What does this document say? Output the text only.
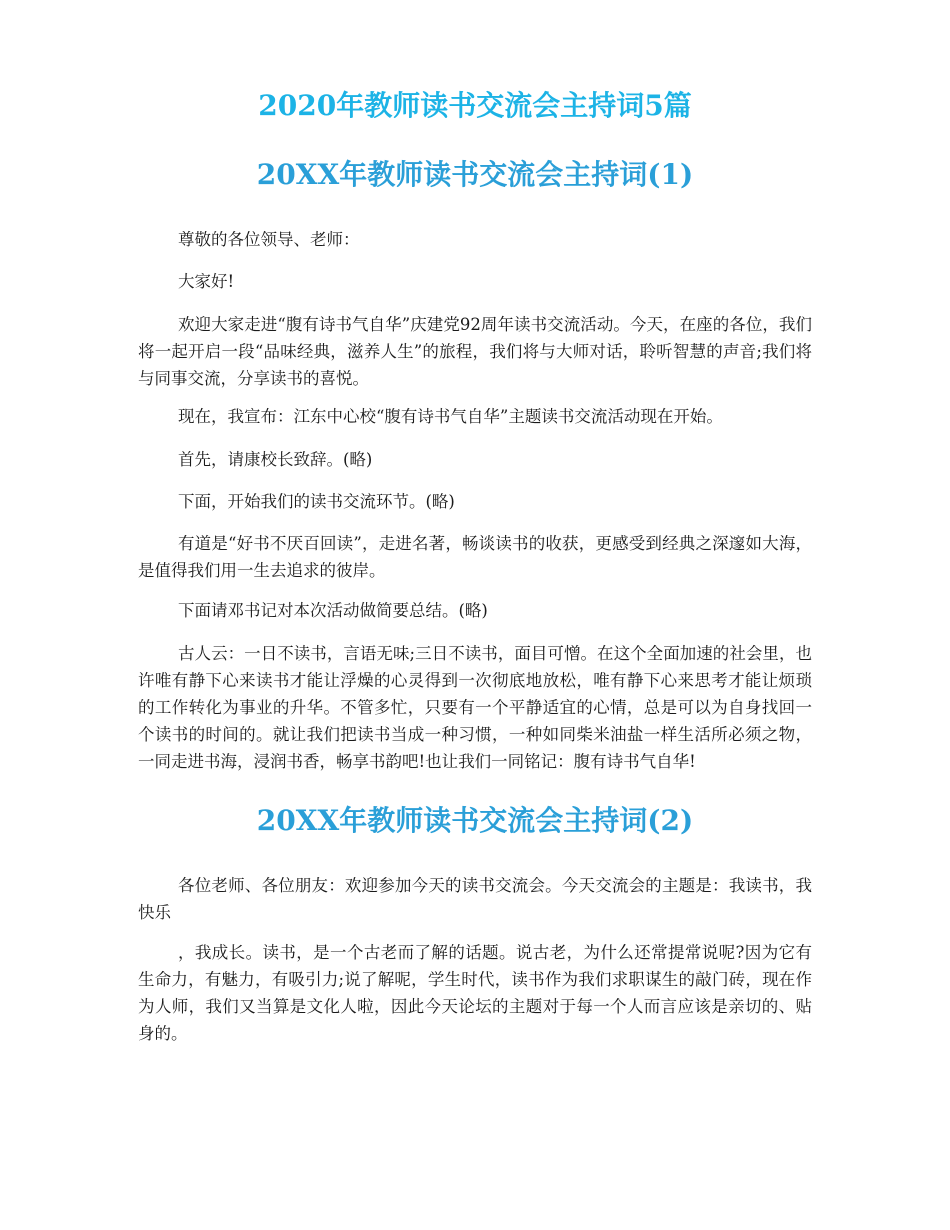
2020年教师读书交流会主持词5篇
20XX年教师读书交流会主持词(1)

尊敬的各位领导、老师：

大家好!

欢迎大家走进“腹有诗书气自华”庆建党92周年读书交流活动。今天，在座的各位，我们将一起开启一段“品味经典，滋养人生”的旅程，我们将与大师对话，聆听智慧的声音;我们将与同事交流，分享读书的喜悦。

现在，我宣布：江东中心校“腹有诗书气自华”主题读书交流活动现在开始。

首先，请康校长致辞。(略)

下面，开始我们的读书交流环节。(略)

有道是“好书不厌百回读”，走进名著，畅谈读书的收获，更感受到经典之深邃如大海，是值得我们用一生去追求的彼岸。

下面请邓书记对本次活动做简要总结。(略)

古人云：一日不读书，言语无味;三日不读书，面目可憎。在这个全面加速的社会里，也许唯有静下心来读书才能让浮燥的心灵得到一次彻底地放松，唯有静下心来思考才能让烦琐的工作转化为事业的升华。不管多忙，只要有一个平静适宜的心情，总是可以为自身找回一个读书的时间的。就让我们把读书当成一种习惯，一种如同柴米油盐一样生活所必须之物，一同走进书海，浸润书香，畅享书韵吧!也让我们一同铭记：腹有诗书气自华!

20XX年教师读书交流会主持词(2)

各位老师、各位朋友：欢迎参加今天的读书交流会。今天交流会的主题是：我读书，我快乐

，我成长。读书，是一个古老而了解的话题。说古老，为什么还常提常说呢?因为它有生命力，有魅力，有吸引力;说了解呢，学生时代，读书作为我们求职谋生的敲门砖，现在作为人师，我们又当算是文化人啦，因此今天论坛的主题对于每一个人而言应该是亲切的、贴身的。
